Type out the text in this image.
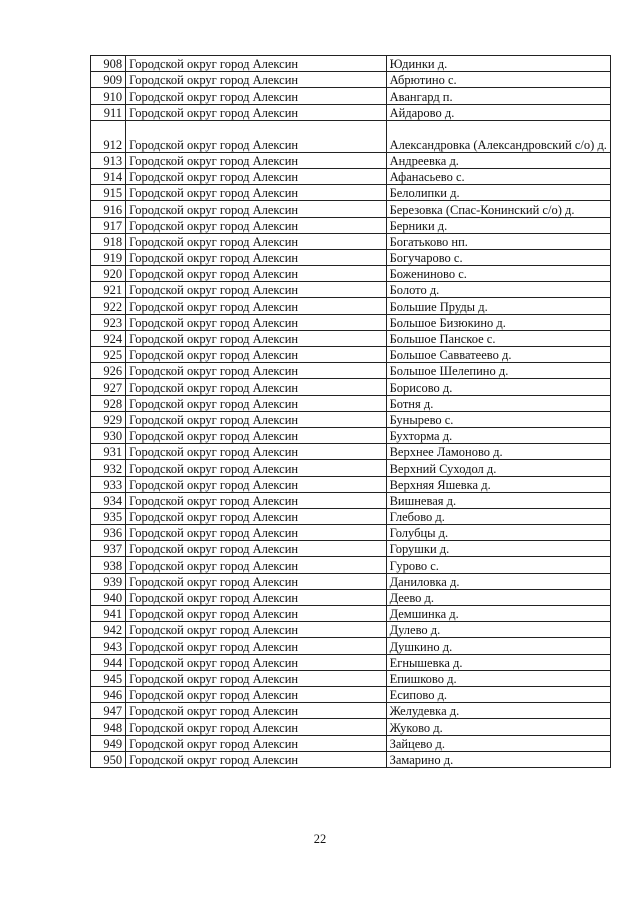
908	Городской округ город Алексин	Юдинки д.
909	Городской округ город Алексин	Абрютино с.
910	Городской округ город Алексин	Авангард п.
911	Городской округ город Алексин	Айдарово д.
912	Городской округ город Алексин	Александровка (Александровский с/о) д.
913	Городской округ город Алексин	Андреевка д.
914	Городской округ город Алексин	Афанасьево с.
915	Городской округ город Алексин	Белолипки д.
916	Городской округ город Алексин	Березовка (Спас-Конинский с/о) д.
917	Городской округ город Алексин	Берники д.
918	Городской округ город Алексин	Богатьково нп.
919	Городской округ город Алексин	Богучарово с.
920	Городской округ город Алексин	Божениново с.
921	Городской округ город Алексин	Болото д.
922	Городской округ город Алексин	Большие Пруды д.
923	Городской округ город Алексин	Большое Бизюкино д.
924	Городской округ город Алексин	Большое Панское с.
925	Городской округ город Алексин	Большое Савватеево д.
926	Городской округ город Алексин	Большое Шелепино д.
927	Городской округ город Алексин	Борисово д.
928	Городской округ город Алексин	Ботня д.
929	Городской округ город Алексин	Бунырево с.
930	Городской округ город Алексин	Бухторма д.
931	Городской округ город Алексин	Верхнее Ламоново д.
932	Городской округ город Алексин	Верхний Суходол д.
933	Городской округ город Алексин	Верхняя Яшевка д.
934	Городской округ город Алексин	Вишневая д.
935	Городской округ город Алексин	Глебово д.
936	Городской округ город Алексин	Голубцы д.
937	Городской округ город Алексин	Горушки д.
938	Городской округ город Алексин	Гурово с.
939	Городской округ город Алексин	Даниловка д.
940	Городской округ город Алексин	Деево д.
941	Городской округ город Алексин	Демшинка д.
942	Городской округ город Алексин	Дулево д.
943	Городской округ город Алексин	Душкино д.
944	Городской округ город Алексин	Егнышевка д.
945	Городской округ город Алексин	Епишково д.
946	Городской округ город Алексин	Есипово д.
947	Городской округ город Алексин	Желудевка д.
948	Городской округ город Алексин	Жуково д.
949	Городской округ город Алексин	Зайцево д.
950	Городской округ город Алексин	Замарино д.
22
